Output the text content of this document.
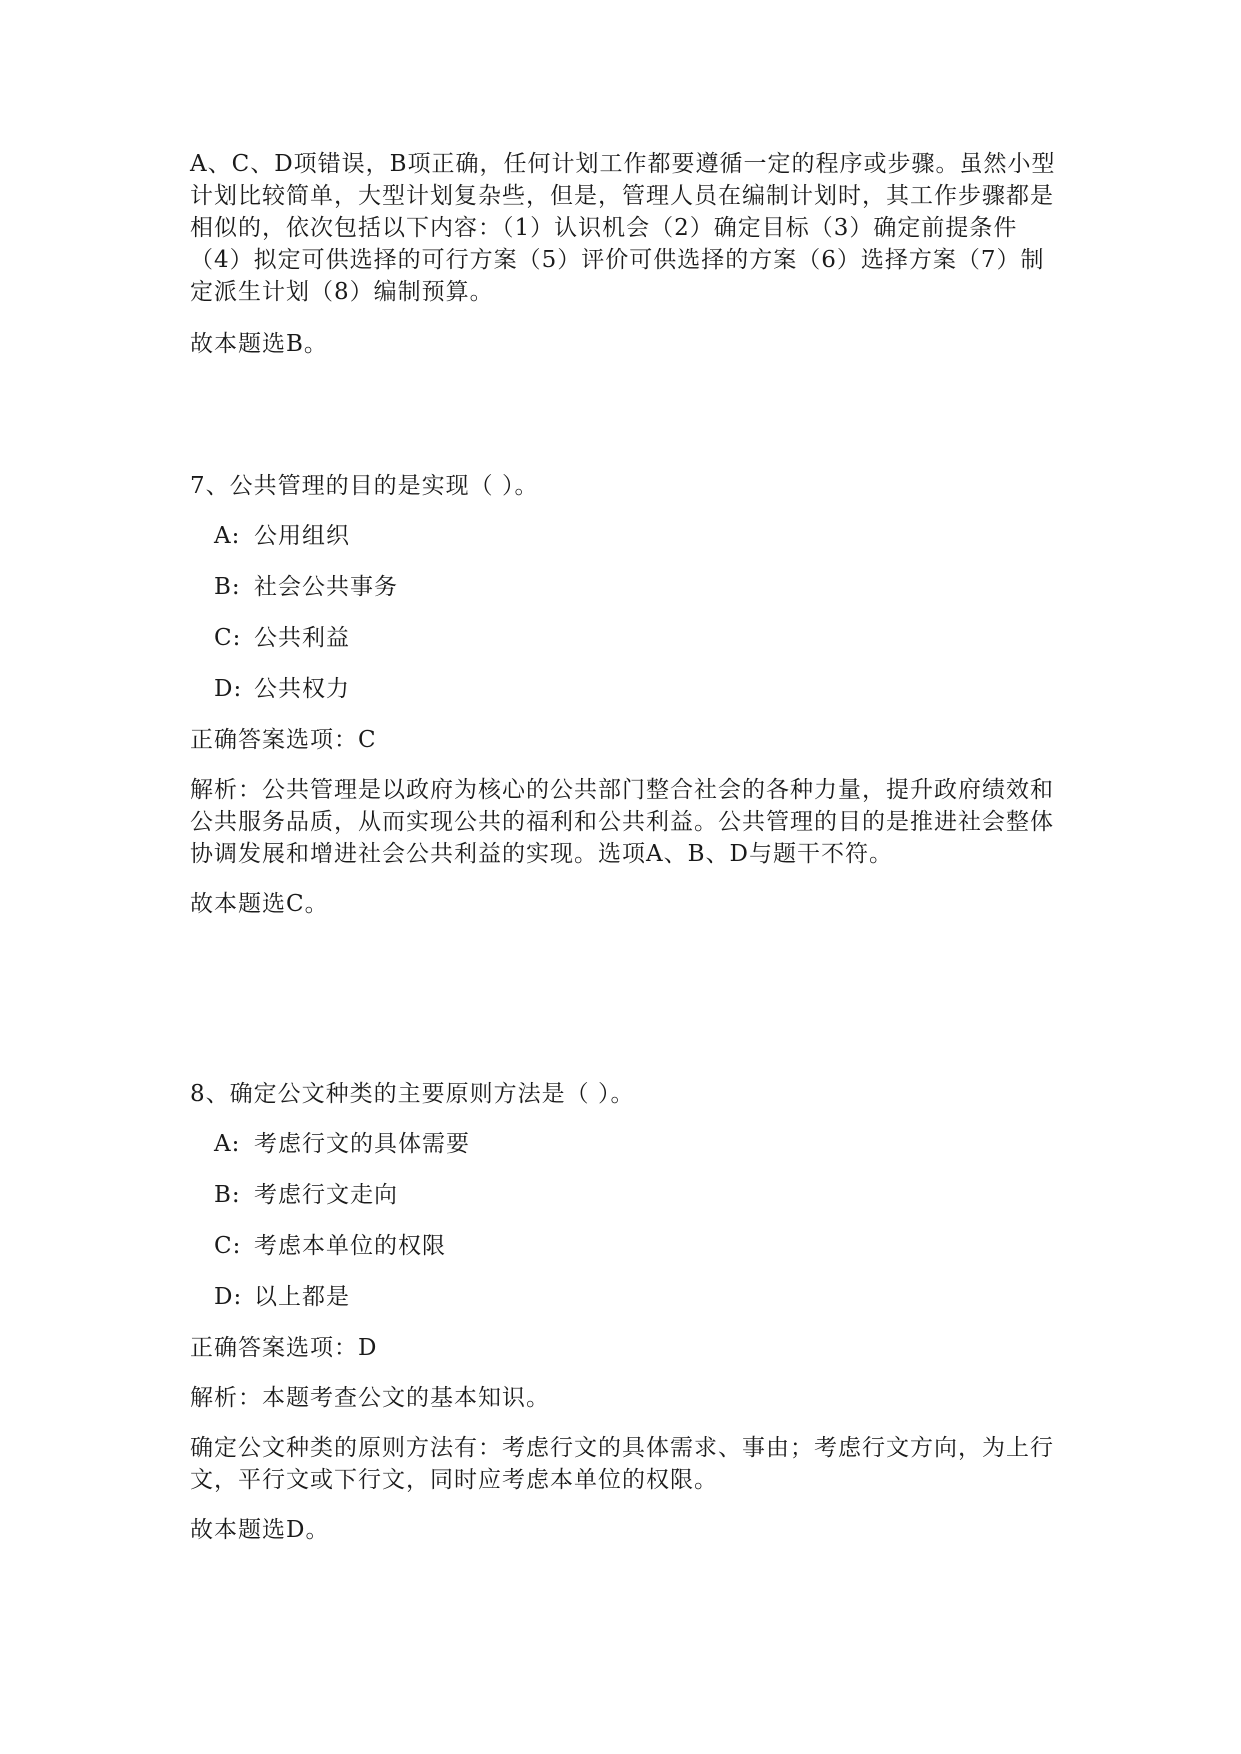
A、C、D项错误，B项正确，任何计划工作都要遵循一定的程序或步骤。虽然小型计划比较简单，大型计划复杂些，但是，管理人员在编制计划时，其工作步骤都是相似的，依次包括以下内容：（1）认识机会（2）确定目标（3）确定前提条件（4）拟定可供选择的可行方案（5）评价可供选择的方案（6）选择方案（7）制定派生计划（8）编制预算。

故本题选B。

7、公共管理的目的是实现（ ）。

A: 公用组织

B: 社会公共事务

C: 公共利益

D: 公共权力

正确答案选项：C

解析：公共管理是以政府为核心的公共部门整合社会的各种力量，提升政府绩效和公共服务品质，从而实现公共的福利和公共利益。公共管理的目的是推进社会整体协调发展和增进社会公共利益的实现。选项A、B、D与题干不符。

故本题选C。

8、确定公文种类的主要原则方法是（ ）。

A: 考虑行文的具体需要

B: 考虑行文走向

C: 考虑本单位的权限

D: 以上都是

正确答案选项：D

解析：本题考查公文的基本知识。

确定公文种类的原则方法有：考虑行文的具体需求、事由；考虑行文方向，为上行文，平行文或下行文，同时应考虑本单位的权限。

故本题选D。
